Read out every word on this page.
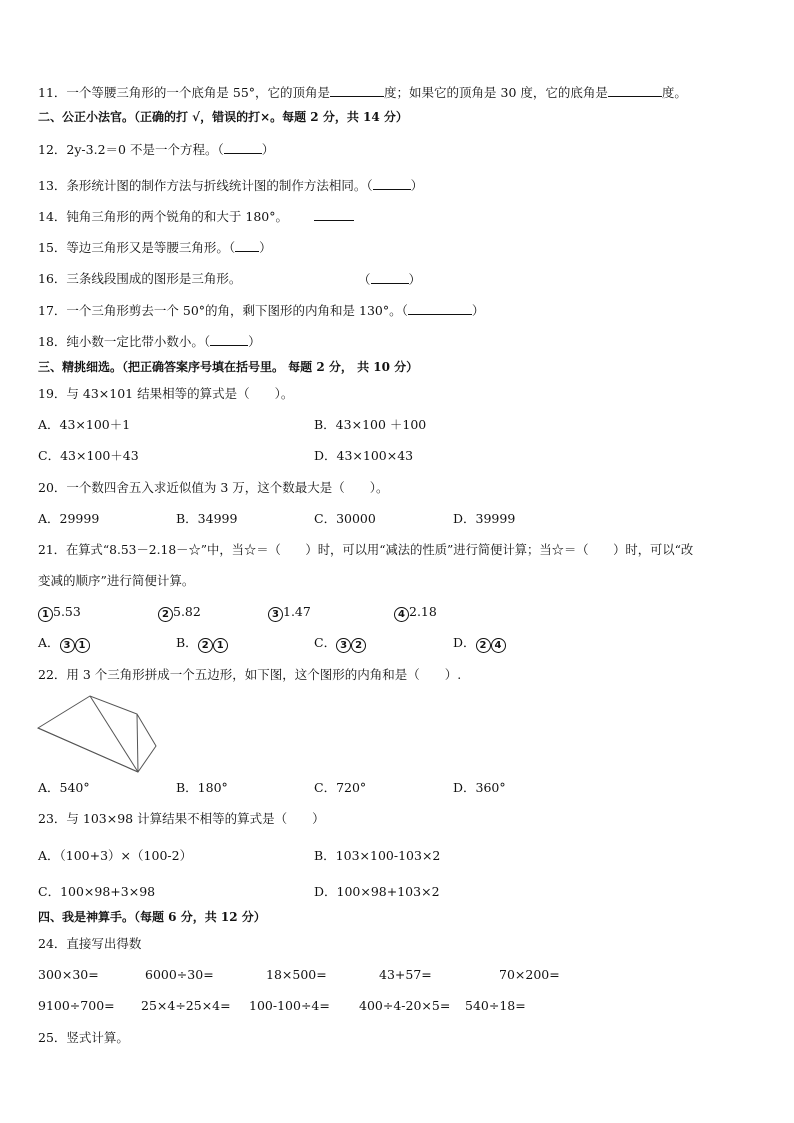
11．一个等腰三角形的一个底角是 55°，它的顶角是	度；如果它的顶角是 30 度，它的底角是	度。
二、公正小法官。（正确的打 √，错误的打×。每题 2 分，共 14 分）
12．2y-3.2＝0 不是一个方程。（	）
13．条形统计图的制作方法与折线统计图的制作方法相同。（	）
14．钝角三角形的两个锐角的和大于 180°。
15．等边三角形又是等腰三角形。（ ）
16．三条线段围成的图形是三角形。	（	）
17．一个三角形剪去一个 50°的角，剩下图形的内角和是 130°。（	）
18．纯小数一定比带小数小。（	）
三、精挑细选。（把正确答案序号填在括号里。 每题 2 分， 共 10 分）
19．与 43×101 结果相等的算式是（　　）。
A．43×100＋1	B．43×100 ＋100
C．43×100＋43	D．43×100×43
20．一个数四舍五入求近似值为 3 万，这个数最大是（　　）。
A．29999	B．34999	C．30000	D．39999
21．在算式“8.53－2.18－☆”中，当☆＝（　　）时，可以用“减法的性质”进行简便计算；当☆＝（　　）时，可以“改
变减的顺序”进行简便计算。
1 5.53	2 5.82	3 1.47	4 2.18
A． 3 1	B． 2 1	C． 3 2	D． 2 4
22．用 3 个三角形拼成一个五边形，如下图，这个图形的内角和是（　　）.
A．540°	B．180°	C．720°	D．360°
23．与 103×98 计算结果不相等的算式是（　　）
A．（100+3）×（100-2）	B．103×100-103×2
C．100×98+3×98	D．100×98+103×2
四、我是神算手。（每题 6 分，共 12 分）
24．直接写出得数
300×30=	6000÷30=	18×500=	43+57=	70×200=
9100÷700= 25×4÷25×4= 100-100÷4= 400÷4-20×5= 540÷18=
25．竖式计算。
